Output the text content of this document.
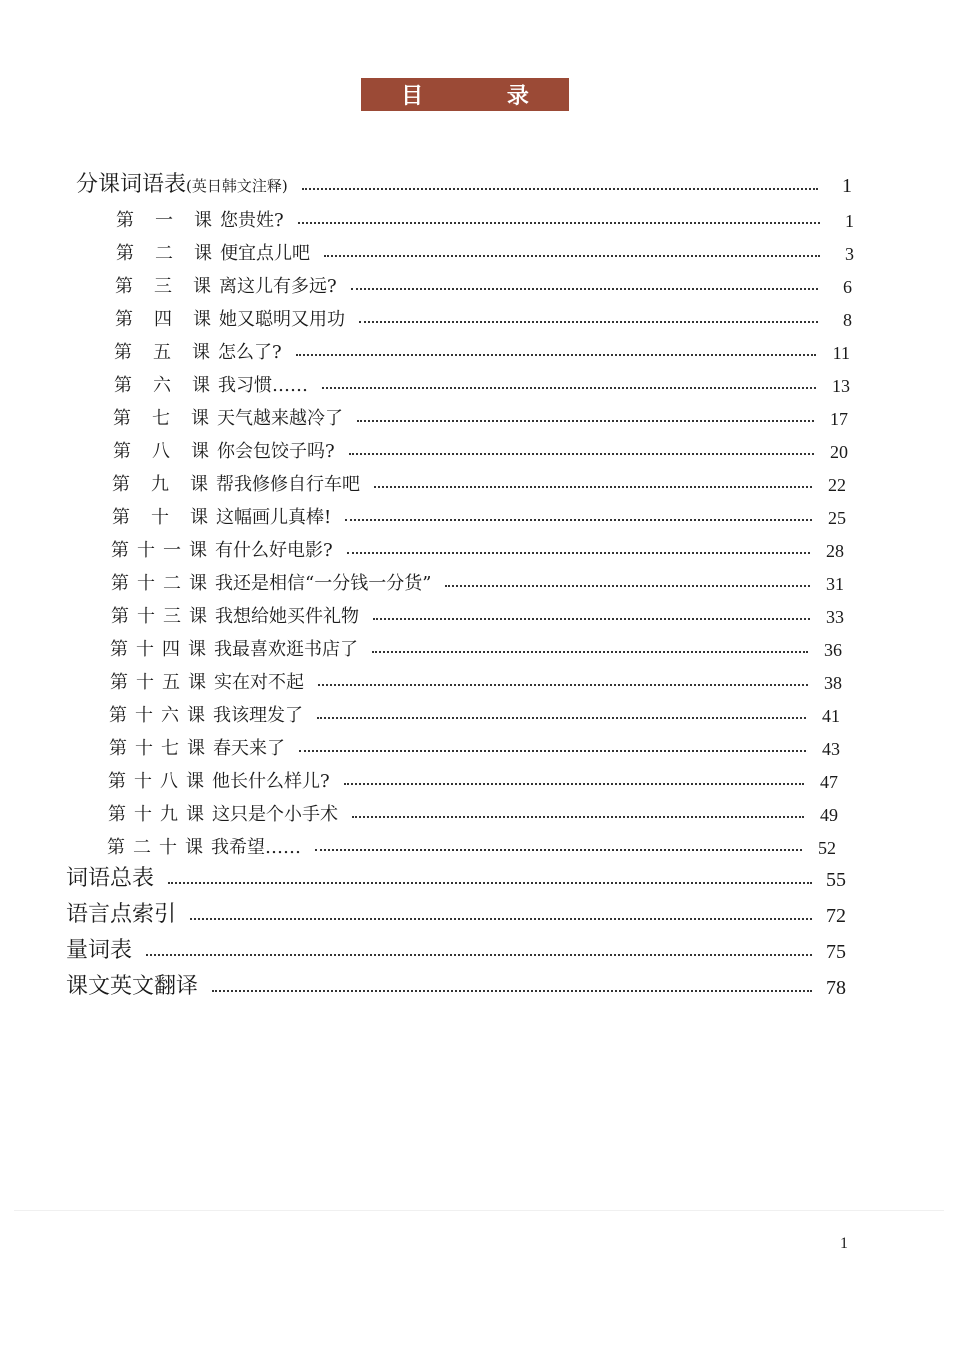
目 录
分课词语表(英日韩文注释)	1
第一课 您贵姓?	1
第二课 便宜点儿吧	3
第三课 离这儿有多远?	6
第四课 她又聪明又用功	8
第五课 怎么了?	11
第六课 我习惯……	13
第七课 天气越来越冷了	17
第八课 你会包饺子吗?	20
第九课 帮我修修自行车吧	22
第十课 这幅画儿真棒!	25
第十一课 有什么好电影?	28
第十二课 我还是相信“一分钱一分货”	31
第十三课 我想给她买件礼物	33
第十四课 我最喜欢逛书店了	36
第十五课 实在对不起	38
第十六课 我该理发了	41
第十七课 春天来了	43
第十八课 他长什么样儿?	47
第十九课 这只是个小手术	49
第二十课 我希望……	52
词语总表	55
语言点索引	72
量词表	75
课文英文翻译	78
1
